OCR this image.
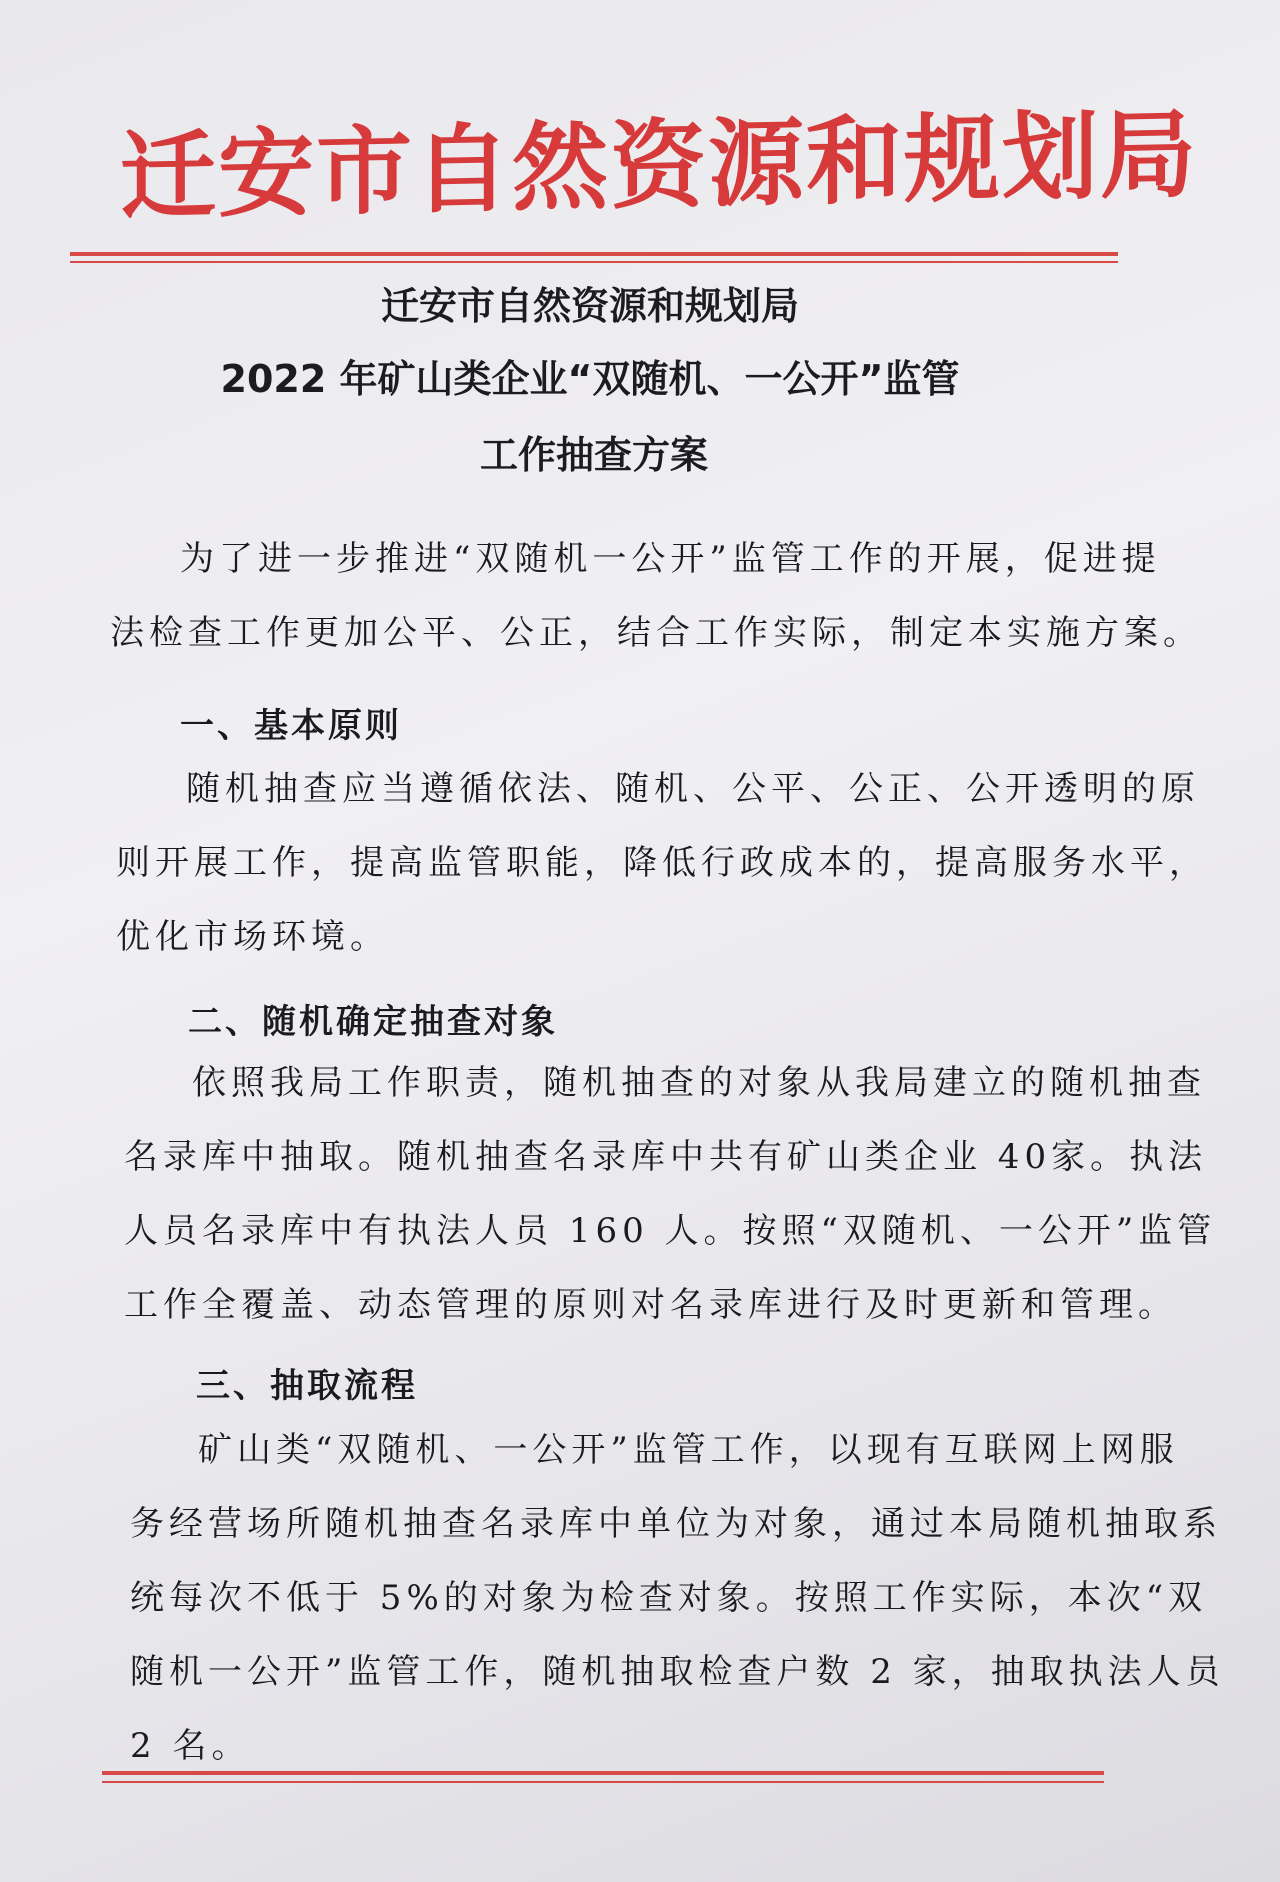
迁安市自然资源和规划局
迁安市自然资源和规划局
2022 年矿山类企业“双随机、一公开”监管
工作抽查方案
为了进一步推进“双随机一公开”监管工作的开展，促进提
法检查工作更加公平、公正，结合工作实际，制定本实施方案。
一、基本原则
随机抽查应当遵循依法、随机、公平、公正、公开透明的原
则开展工作，提高监管职能，降低行政成本的，提高服务水平，
优化市场环境。
二、随机确定抽查对象
依照我局工作职责，随机抽查的对象从我局建立的随机抽查
名录库中抽取。随机抽查名录库中共有矿山类企业 40家。执法
人员名录库中有执法人员 160 人。按照“双随机、一公开”监管
工作全覆盖、动态管理的原则对名录库进行及时更新和管理。
三、抽取流程
矿山类“双随机、一公开”监管工作，以现有互联网上网服
务经营场所随机抽查名录库中单位为对象，通过本局随机抽取系
统每次不低于 5%的对象为检查对象。按照工作实际，本次“双
随机一公开”监管工作，随机抽取检查户数 2 家，抽取执法人员
2 名。
